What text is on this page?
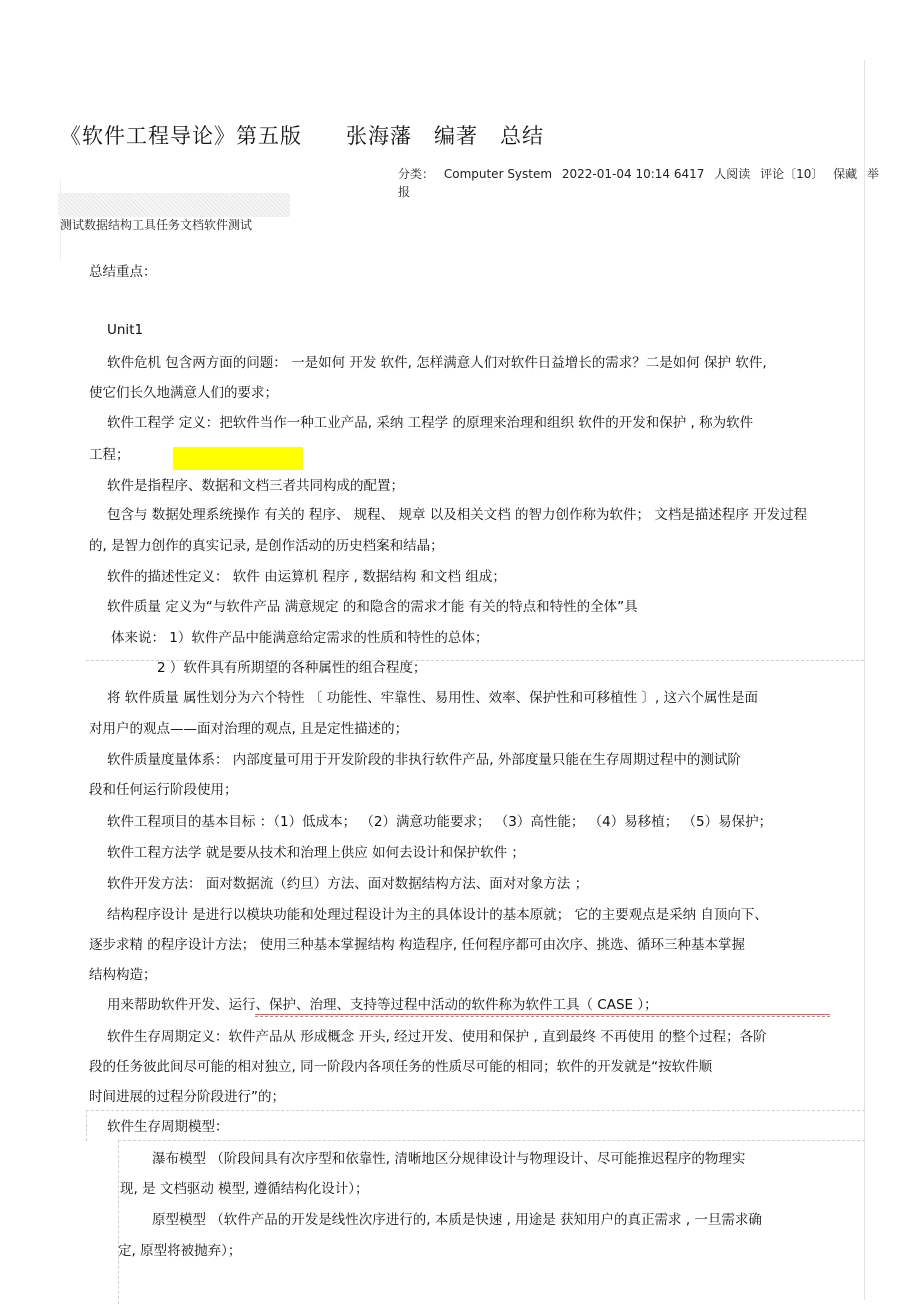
《软件工程导论》第五版　　张海藩　编著　总结
分类： Computer System 2022-01-04 10:14 6417 人阅读 评论〔10〕 保藏 举
报
测试数据结构工具任务文档软件测试
总结重点：
Unit1
软件危机 包含两方面的问题： 一是如何 开发 软件, 怎样满意人们对软件日益增长的需求？二是如何 保护 软件,
使它们长久地满意人们的要求；
软件工程学 定义：把软件当作一种工业产品, 采纳 工程学 的原理来治理和组织 软件的开发和保护 , 称为软件
工程；
软件是指程序、数据和文档三者共同构成的配置；
包含与 数据处理系统操作 有关的 程序、 规程、 规章 以及相关文档 的智力创作称为软件； 文档是描述程序 开发过程
的, 是智力创作的真实记录, 是创作活动的历史档案和结晶；
软件的描述性定义： 软件 由运算机 程序 , 数据结构 和文档 组成；
软件质量 定义为“与软件产品 满意规定 的和隐含的需求才能 有关的特点和特性的全体”具
体来说： 1）软件产品中能满意给定需求的性质和特性的总体；
2 ）软件具有所期望的各种属性的组合程度；
将 软件质量 属性划分为六个特性 〔 功能性、牢靠性、易用性、效率、保护性和可移植性 〕, 这六个属性是面
对用户的观点——面对治理的观点, 且是定性描述的；
软件质量度量体系： 内部度量可用于开发阶段的非执行软件产品, 外部度量只能在生存周期过程中的测试阶
段和任何运行阶段使用；
软件工程项目的基本目标 ：（1）低成本； （2）满意功能要求； （3）高性能； （4）易移植； （5）易保护；
软件工程方法学 就是要从技术和治理上供应 如何去设计和保护软件 ；
软件开发方法： 面对数据流（约旦）方法、面对数据结构方法、面对对象方法 ；
结构程序设计 是进行以模块功能和处理过程设计为主的具体设计的基本原就； 它的主要观点是采纳 自顶向下、
逐步求精 的程序设计方法； 使用三种基本掌握结构 构造程序, 任何程序都可由次序、挑选、循环三种基本掌握
结构构造；
用来帮助软件开发、运行、保护、治理、支持等过程中活动的软件称为软件工具（ CASE ）；
软件生存周期定义：软件产品从 形成概念 开头, 经过开发、使用和保护 , 直到最终 不再使用 的整个过程；各阶
段的任务彼此间尽可能的相对独立, 同一阶段内各项任务的性质尽可能的相同；软件的开发就是“按软件顺
时间进展的过程分阶段进行”的；
软件生存周期模型：
瀑布模型 （阶段间具有次序型和依靠性, 清晰地区分规律设计与物理设计、尽可能推迟程序的物理实
现, 是 文档驱动 模型, 遵循结构化设计）；
原型模型 （软件产品的开发是线性次序进行的, 本质是快速 , 用途是 获知用户的真正需求 , 一旦需求确
定, 原型将被抛弃）；
